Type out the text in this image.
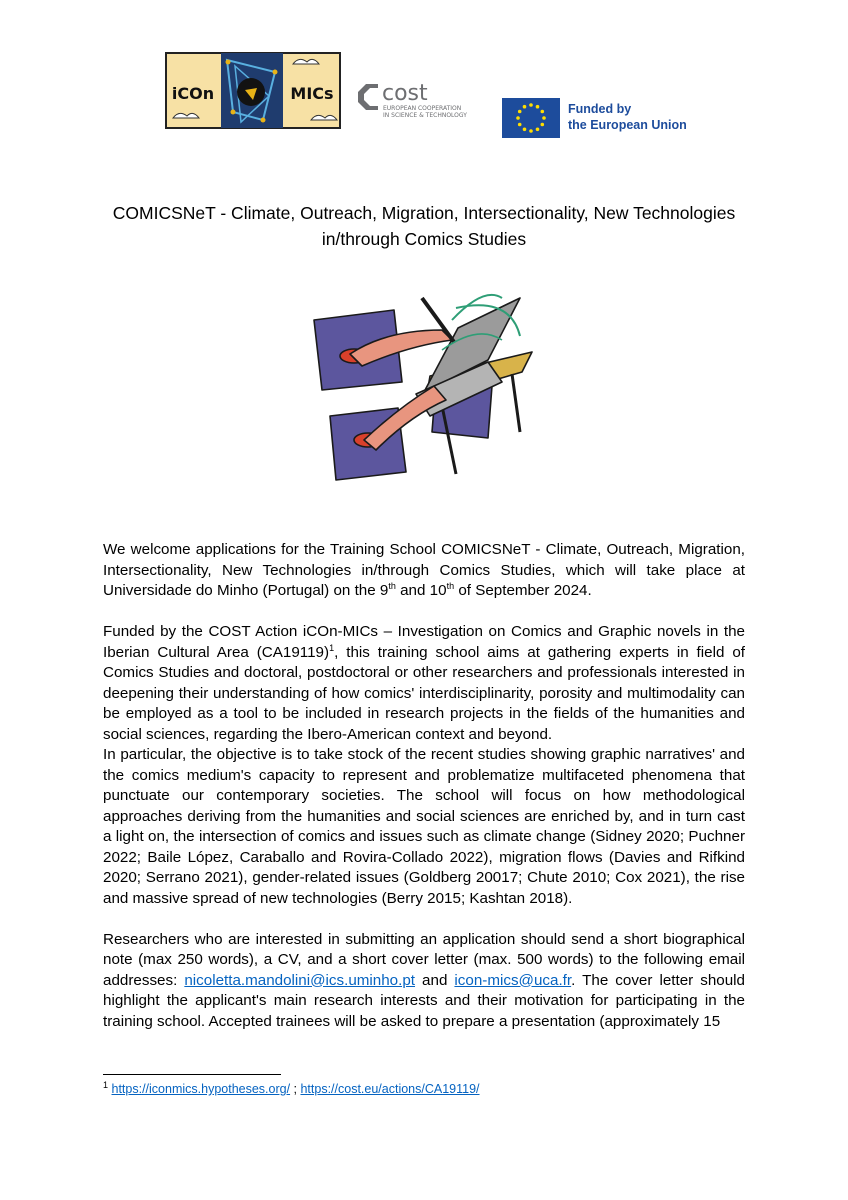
iCOn	MICs cost
EUROPEAN COOPERATION
IN SCIENCE & TECHNOLOGY	Funded by
the European Union
COMICSNeT - Climate, Outreach, Migration, Intersectionality, New Technologies
in/through Comics Studies

We welcome applications for the Training School COMICSNeT - Climate, Outreach, Migration, Intersectionality, New Technologies in/through Comics Studies, which will take place at Universidade do Minho (Portugal) on the 9th and 10th of September 2024.

Funded by the COST Action iCOn-MICs – Investigation on Comics and Graphic novels in the Iberian Cultural Area $(CA19119)^1$, this training school aims at gathering experts in field of Comics Studies and doctoral, postdoctoral or other researchers and professionals interested in deepening their understanding of how comics' interdisciplinarity, porosity and multimodality can be employed as a tool to be included in research projects in the fields of the humanities and social sciences, regarding the Ibero-American context and beyond.

In particular, the objective is to take stock of the recent studies showing graphic narratives' and the comics medium's capacity to represent and problematize multifaceted phenomena that punctuate our contemporary societies. The school will focus on how methodological approaches deriving from the humanities and social sciences are enriched by, and in turn cast a light on, the intersection of comics and issues such as climate change (Sidney 2020; Puchner 2022; Baile López, Caraballo and Rovira-Collado 2022), migration flows (Davies and Rifkind 2020; Serrano 2021), gender-related issues (Goldberg 20017; Chute 2010; Cox 2021), the rise and massive spread of new technologies (Berry 2015; Kashtan 2018).

Researchers who are interested in submitting an application should send a short biographical note (max 250 words), a CV, and a short cover letter (max. 500 words) to the following email addresses: nicoletta.mandolini@ics.uminho.pt and icon-mics@uca.fr. The cover letter should highlight the applicant's main research interests and their motivation for participating in the training school. Accepted trainees will be asked to prepare a presentation (approximately 15

$^1$ https://iconmics.hypotheses.org/ ; https://cost.eu/actions/CA19119/
